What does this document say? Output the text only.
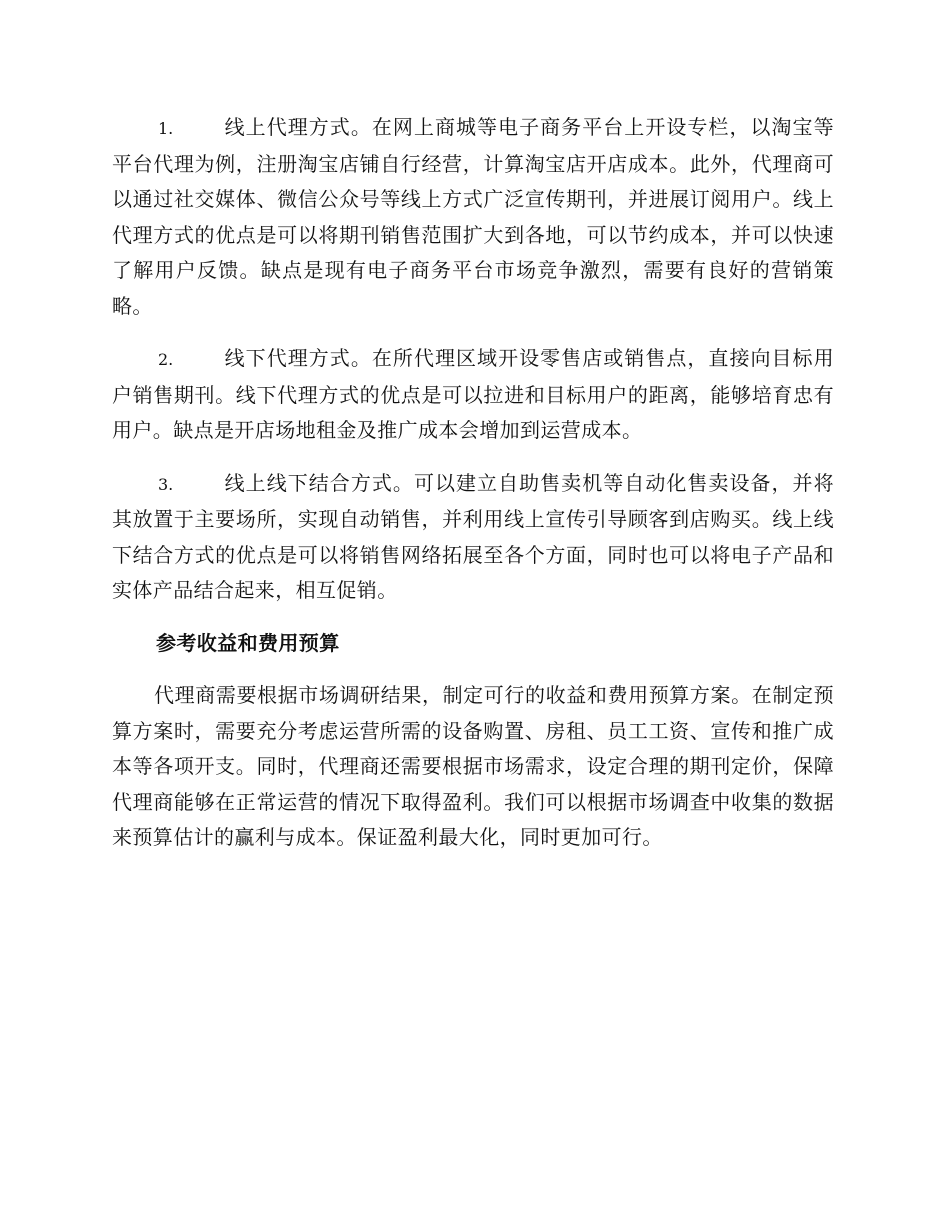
1.	线上代理方式。在网上商城等电子商务平台上开设专栏，以淘宝等平台代理为例，注册淘宝店铺自行经营，计算淘宝店开店成本。此外，代理商可以通过社交媒体、微信公众号等线上方式广泛宣传期刊，并进展订阅用户。线上代理方式的优点是可以将期刊销售范围扩大到各地，可以节约成本，并可以快速了解用户反馈。缺点是现有电子商务平台市场竞争激烈，需要有良好的营销策略。

2.	线下代理方式。在所代理区域开设零售店或销售点，直接向目标用户销售期刊。线下代理方式的优点是可以拉进和目标用户的距离，能够培育忠有用户。缺点是开店场地租金及推广成本会增加到运营成本。

3.	线上线下结合方式。可以建立自助售卖机等自动化售卖设备，并将其放置于主要场所，实现自动销售，并利用线上宣传引导顾客到店购买。线上线下结合方式的优点是可以将销售网络拓展至各个方面，同时也可以将电子产品和实体产品结合起来，相互促销。

参考收益和费用预算

代理商需要根据市场调研结果，制定可行的收益和费用预算方案。在制定预算方案时，需要充分考虑运营所需的设备购置、房租、员工工资、宣传和推广成本等各项开支。同时，代理商还需要根据市场需求，设定合理的期刊定价，保障代理商能够在正常运营的情况下取得盈利。我们可以根据市场调查中收集的数据来预算估计的赢利与成本。保证盈利最大化，同时更加可行。
